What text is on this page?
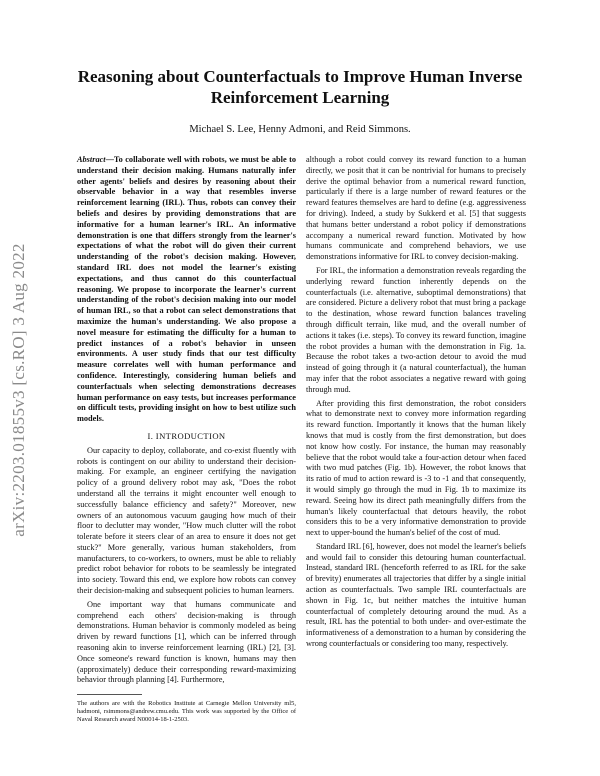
arXiv:2203.01855v3 [cs.RO] 3 Aug 2022
Reasoning about Counterfactuals to Improve Human Inverse Reinforcement Learning
Michael S. Lee, Henny Admoni, and Reid Simmons.

Abstract—To collaborate well with robots, we must be able to understand their decision making. Humans naturally infer other agents' beliefs and desires by reasoning about their observable behavior in a way that resembles inverse reinforcement learning (IRL). Thus, robots can convey their beliefs and desires by providing demonstrations that are informative for a human learner's IRL. An informative demonstration is one that differs strongly from the learner's expectations of what the robot will do given their current understanding of the robot's decision making. However, standard IRL does not model the learner's existing expectations, and thus cannot do this counterfactual reasoning. We propose to incorporate the learner's current understanding of the robot's decision making into our model of human IRL, so that a robot can select demonstrations that maximize the human's understanding. We also propose a novel measure for estimating the difficulty for a human to predict instances of a robot's behavior in unseen environments. A user study finds that our test difficulty measure correlates well with human performance and confidence. Interestingly, considering human beliefs and counterfactuals when selecting demonstrations decreases human performance on easy tests, but increases performance on difficult tests, providing insight on how to best utilize such models.

I. INTRODUCTION

Our capacity to deploy, collaborate, and co-exist fluently with robots is contingent on our ability to understand their decision-making. For example, an engineer certifying the navigation policy of a ground delivery robot may ask, "Does the robot understand all the terrains it might encounter well enough to successfully balance efficiency and safety?" Moreover, new owners of an autonomous vacuum gauging how much of their floor to declutter may wonder, "How much clutter will the robot tolerate before it steers clear of an area to ensure it does not get stuck?" More generally, various human stakeholders, from manufacturers, to co-workers, to owners, must be able to reliably predict robot behavior for robots to be seamlessly be integrated into society. Toward this end, we explore how robots can convey their decision-making and subsequent policies to human learners.

One important way that humans communicate and comprehend each others' decision-making is through demonstrations. Human behavior is commonly modeled as being driven by reward functions [1], which can be inferred through reasoning akin to inverse reinforcement learning (IRL) [2], [3]. Once someone's reward function is known, humans may then (approximately) deduce their corresponding reward-maximizing behavior through planning [4]. Furthermore,

The authors are with the Robotics Institute at Carnegie Mellon University ml5, hadmoni, rsimmons@andrew.cmu.edu. This work was supported by the Office of Naval Research award N00014-18-1-2503.

although a robot could convey its reward function to a human directly, we posit that it can be nontrivial for humans to precisely derive the optimal behavior from a numerical reward function, particularly if there is a large number of reward features or the reward features themselves are hard to define (e.g. aggressiveness for driving). Indeed, a study by Sukkerd et al. [5] that suggests that humans better understand a robot policy if demonstrations accompany a numerical reward function. Motivated by how humans communicate and comprehend behaviors, we use demonstrations informative for IRL to convey decision-making.

For IRL, the information a demonstration reveals regarding the underlying reward function inherently depends on the counterfactuals (i.e. alternative, suboptimal demonstrations) that are considered. Picture a delivery robot that must bring a package to the destination, whose reward function balances traveling through difficult terrain, like mud, and the overall number of actions it takes (i.e. steps). To convey its reward function, imagine the robot provides a human with the demonstration in Fig. 1a. Because the robot takes a two-action detour to avoid the mud instead of going through it (a natural counterfactual), the human may infer that the robot associates a negative reward with going through mud.

After providing this first demonstration, the robot considers what to demonstrate next to convey more information regarding its reward function. Importantly it knows that the human likely knows that mud is costly from the first demonstration, but does not know how costly. For instance, the human may reasonably believe that the robot would take a four-action detour when faced with two mud patches (Fig. 1b). However, the robot knows that its ratio of mud to action reward is -3 to -1 and that consequently, it would simply go through the mud in Fig. 1b to maximize its reward. Seeing how its direct path meaningfully differs from the human's likely counterfactual that detours heavily, the robot considers this to be a very informative demonstration to provide next to upper-bound the human's belief of the cost of mud.

Standard IRL [6], however, does not model the learner's beliefs and would fail to consider this detouring human counterfactual. Instead, standard IRL (henceforth referred to as IRL for the sake of brevity) enumerates all trajectories that differ by a single initial action as counterfactuals. Two sample IRL counterfactuals are shown in Fig. 1c, but neither matches the intuitive human counterfactual of completely detouring around the mud. As a result, IRL has the potential to both under- and over-estimate the informativeness of a demonstration to a human by considering the wrong counterfactuals or considering too many, respectively.
